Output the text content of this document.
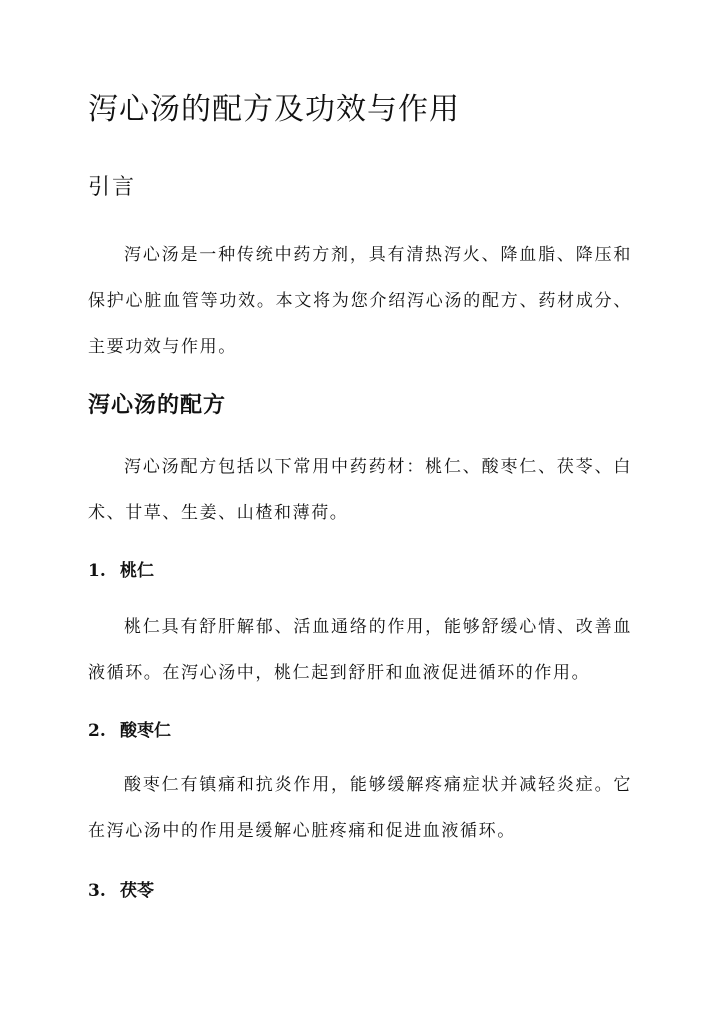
泻心汤的配方及功效与作用
引言

泻心汤是一种传统中药方剂，具有清热泻火、降血脂、降压和保护心脏血管等功效。本文将为您介绍泻心汤的配方、药材成分、主要功效与作用。

泻心汤的配方

泻心汤配方包括以下常用中药药材：桃仁、酸枣仁、茯苓、白术、甘草、生姜、山楂和薄荷。

1. 桃仁

桃仁具有舒肝解郁、活血通络的作用，能够舒缓心情、改善血液循环。在泻心汤中，桃仁起到舒肝和血液促进循环的作用。

2. 酸枣仁

酸枣仁有镇痛和抗炎作用，能够缓解疼痛症状并减轻炎症。它在泻心汤中的作用是缓解心脏疼痛和促进血液循环。

3. 茯苓
